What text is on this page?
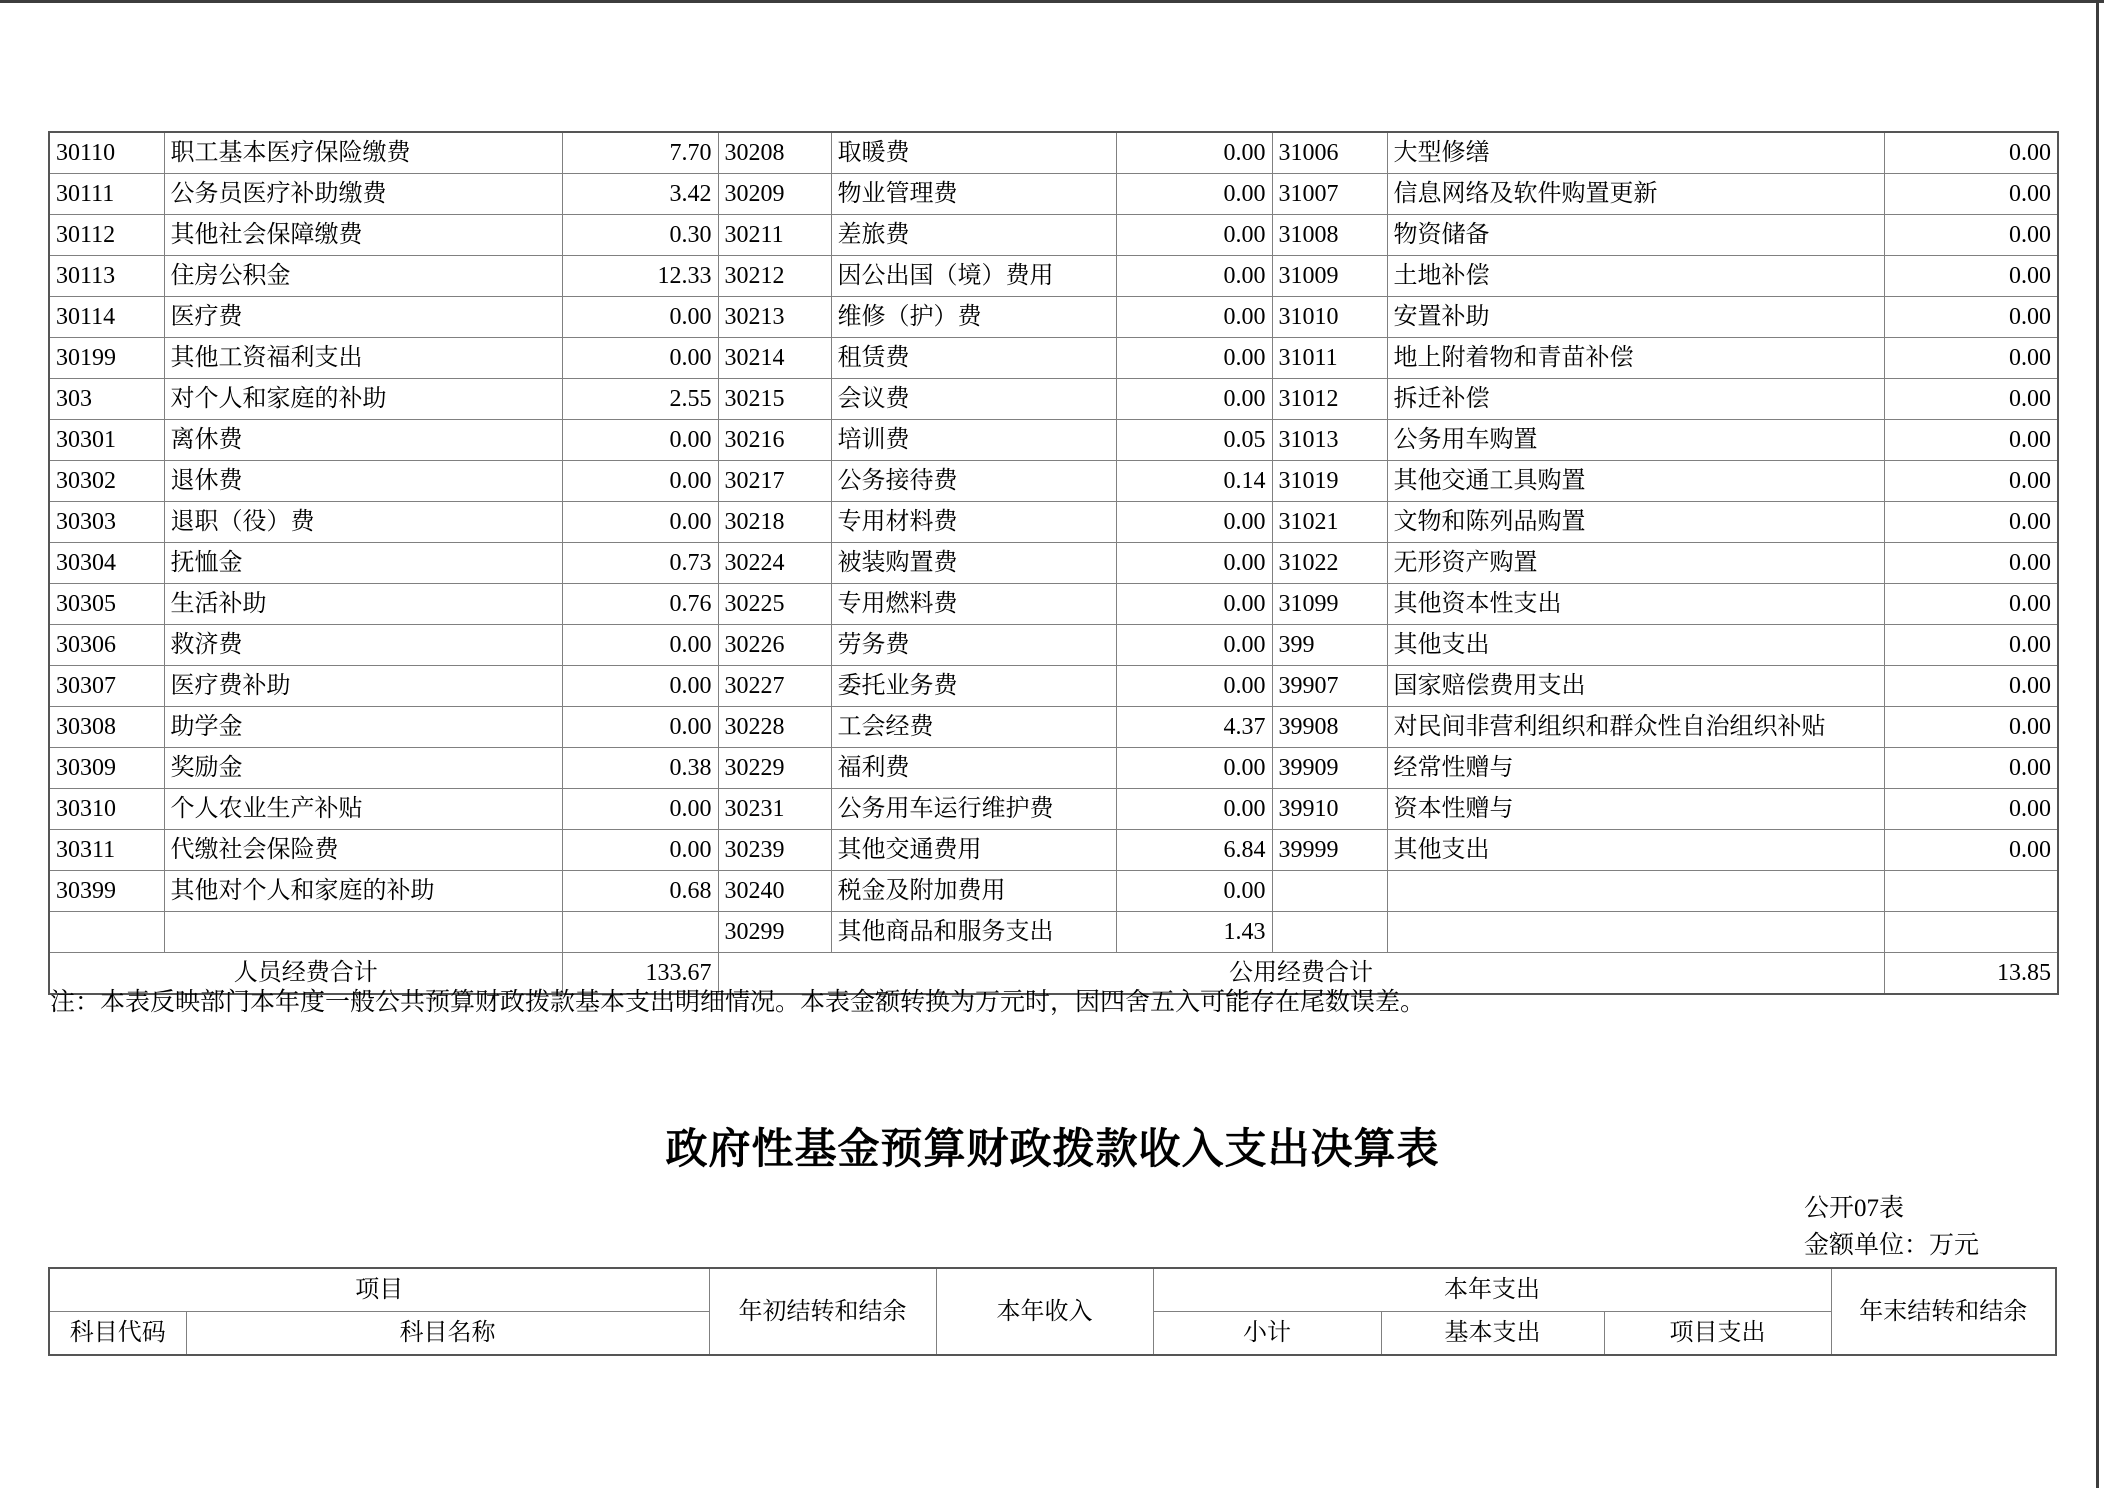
30110	职工基本医疗保险缴费	7.70	30208	取暖费	0.00	31006	大型修缮	0.00
30111	公务员医疗补助缴费	3.42	30209	物业管理费	0.00	31007	信息网络及软件购置更新	0.00
30112	其他社会保障缴费	0.30	30211	差旅费	0.00	31008	物资储备	0.00
30113	住房公积金	12.33	30212	因公出国（境）费用	0.00	31009	土地补偿	0.00
30114	医疗费	0.00	30213	维修（护）费	0.00	31010	安置补助	0.00
30199	其他工资福利支出	0.00	30214	租赁费	0.00	31011	地上附着物和青苗补偿	0.00
303	对个人和家庭的补助	2.55	30215	会议费	0.00	31012	拆迁补偿	0.00
30301	离休费	0.00	30216	培训费	0.05	31013	公务用车购置	0.00
30302	退休费	0.00	30217	公务接待费	0.14	31019	其他交通工具购置	0.00
30303	退职（役）费	0.00	30218	专用材料费	0.00	31021	文物和陈列品购置	0.00
30304	抚恤金	0.73	30224	被装购置费	0.00	31022	无形资产购置	0.00
30305	生活补助	0.76	30225	专用燃料费	0.00	31099	其他资本性支出	0.00
30306	救济费	0.00	30226	劳务费	0.00	399	其他支出	0.00
30307	医疗费补助	0.00	30227	委托业务费	0.00	39907	国家赔偿费用支出	0.00
30308	助学金	0.00	30228	工会经费	4.37	39908	对民间非营利组织和群众性自治组织补贴	0.00
30309	奖励金	0.38	30229	福利费	0.00	39909	经常性赠与	0.00
30310	个人农业生产补贴	0.00	30231	公务用车运行维护费	0.00	39910	资本性赠与	0.00
30311	代缴社会保险费	0.00	30239	其他交通费用	6.84	39999	其他支出	0.00
30399	其他对个人和家庭的补助	0.68	30240	税金及附加费用	0.00			
			30299	其他商品和服务支出	1.43			
人员经费合计		133.67	公用经费合计					13.85
注：本表反映部门本年度一般公共预算财政拨款基本支出明细情况。本表金额转换为万元时，因四舍五入可能存在尾数误差。
政府性基金预算财政拨款收入支出决算表
公开07表
金额单位：万元
项目		年初结转和结余	本年收入	本年支出			年末结转和结余
科目代码	科目名称			小计	基本支出	项目支出	
